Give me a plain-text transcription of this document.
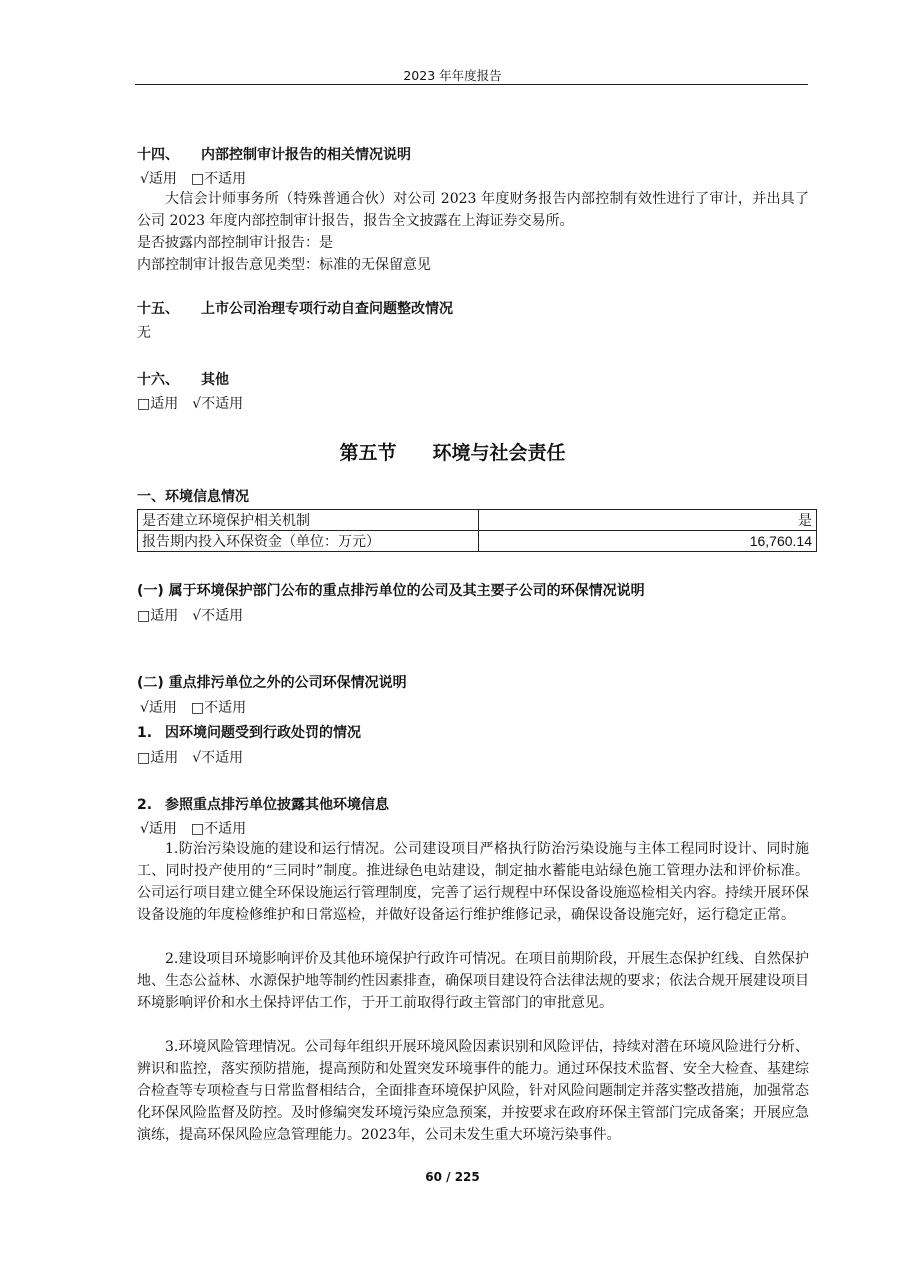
2023 年年度报告
十四、 内部控制审计报告的相关情况说明
√适用 □不适用
大信会计师事务所（特殊普通合伙）对公司 2023 年度财务报告内部控制有效性进行了审计，并出具了公司 2023 年度内部控制审计报告，报告全文披露在上海证券交易所。
是否披露内部控制审计报告：是
内部控制审计报告意见类型：标准的无保留意见
十五、 上市公司治理专项行动自查问题整改情况
无
十六、 其他
□适用 √不适用
第五节 环境与社会责任
一、环境信息情况
是否建立环境保护相关机制	是
报告期内投入环保资金（单位：万元）	16,760.14
(一) 属于环境保护部门公布的重点排污单位的公司及其主要子公司的环保情况说明
□适用 √不适用
(二) 重点排污单位之外的公司环保情况说明
√适用 □不适用
1. 因环境问题受到行政处罚的情况
□适用 √不适用
2. 参照重点排污单位披露其他环境信息
√适用 □不适用
1.防治污染设施的建设和运行情况。公司建设项目严格执行防治污染设施与主体工程同时设计、同时施工、同时投产使用的“三同时”制度。推进绿色电站建设，制定抽水蓄能电站绿色施工管理办法和评价标准。公司运行项目建立健全环保设施运行管理制度，完善了运行规程中环保设备设施巡检相关内容。持续开展环保设备设施的年度检修维护和日常巡检，并做好设备运行维护维修记录，确保设备设施完好，运行稳定正常。
2.建设项目环境影响评价及其他环境保护行政许可情况。在项目前期阶段，开展生态保护红线、自然保护地、生态公益林、水源保护地等制约性因素排查，确保项目建设符合法律法规的要求；依法合规开展建设项目环境影响评价和水土保持评估工作，于开工前取得行政主管部门的审批意见。
3.环境风险管理情况。公司每年组织开展环境风险因素识别和风险评估，持续对潜在环境风险进行分析、辨识和监控，落实预防措施，提高预防和处置突发环境事件的能力。通过环保技术监督、安全大检查、基建综合检查等专项检查与日常监督相结合，全面排查环境保护风险，针对风险问题制定并落实整改措施，加强常态化环保风险监督及防控。及时修编突发环境污染应急预案，并按要求在政府环保主管部门完成备案；开展应急演练，提高环保风险应急管理能力。2023年，公司未发生重大环境污染事件。
60 / 225
